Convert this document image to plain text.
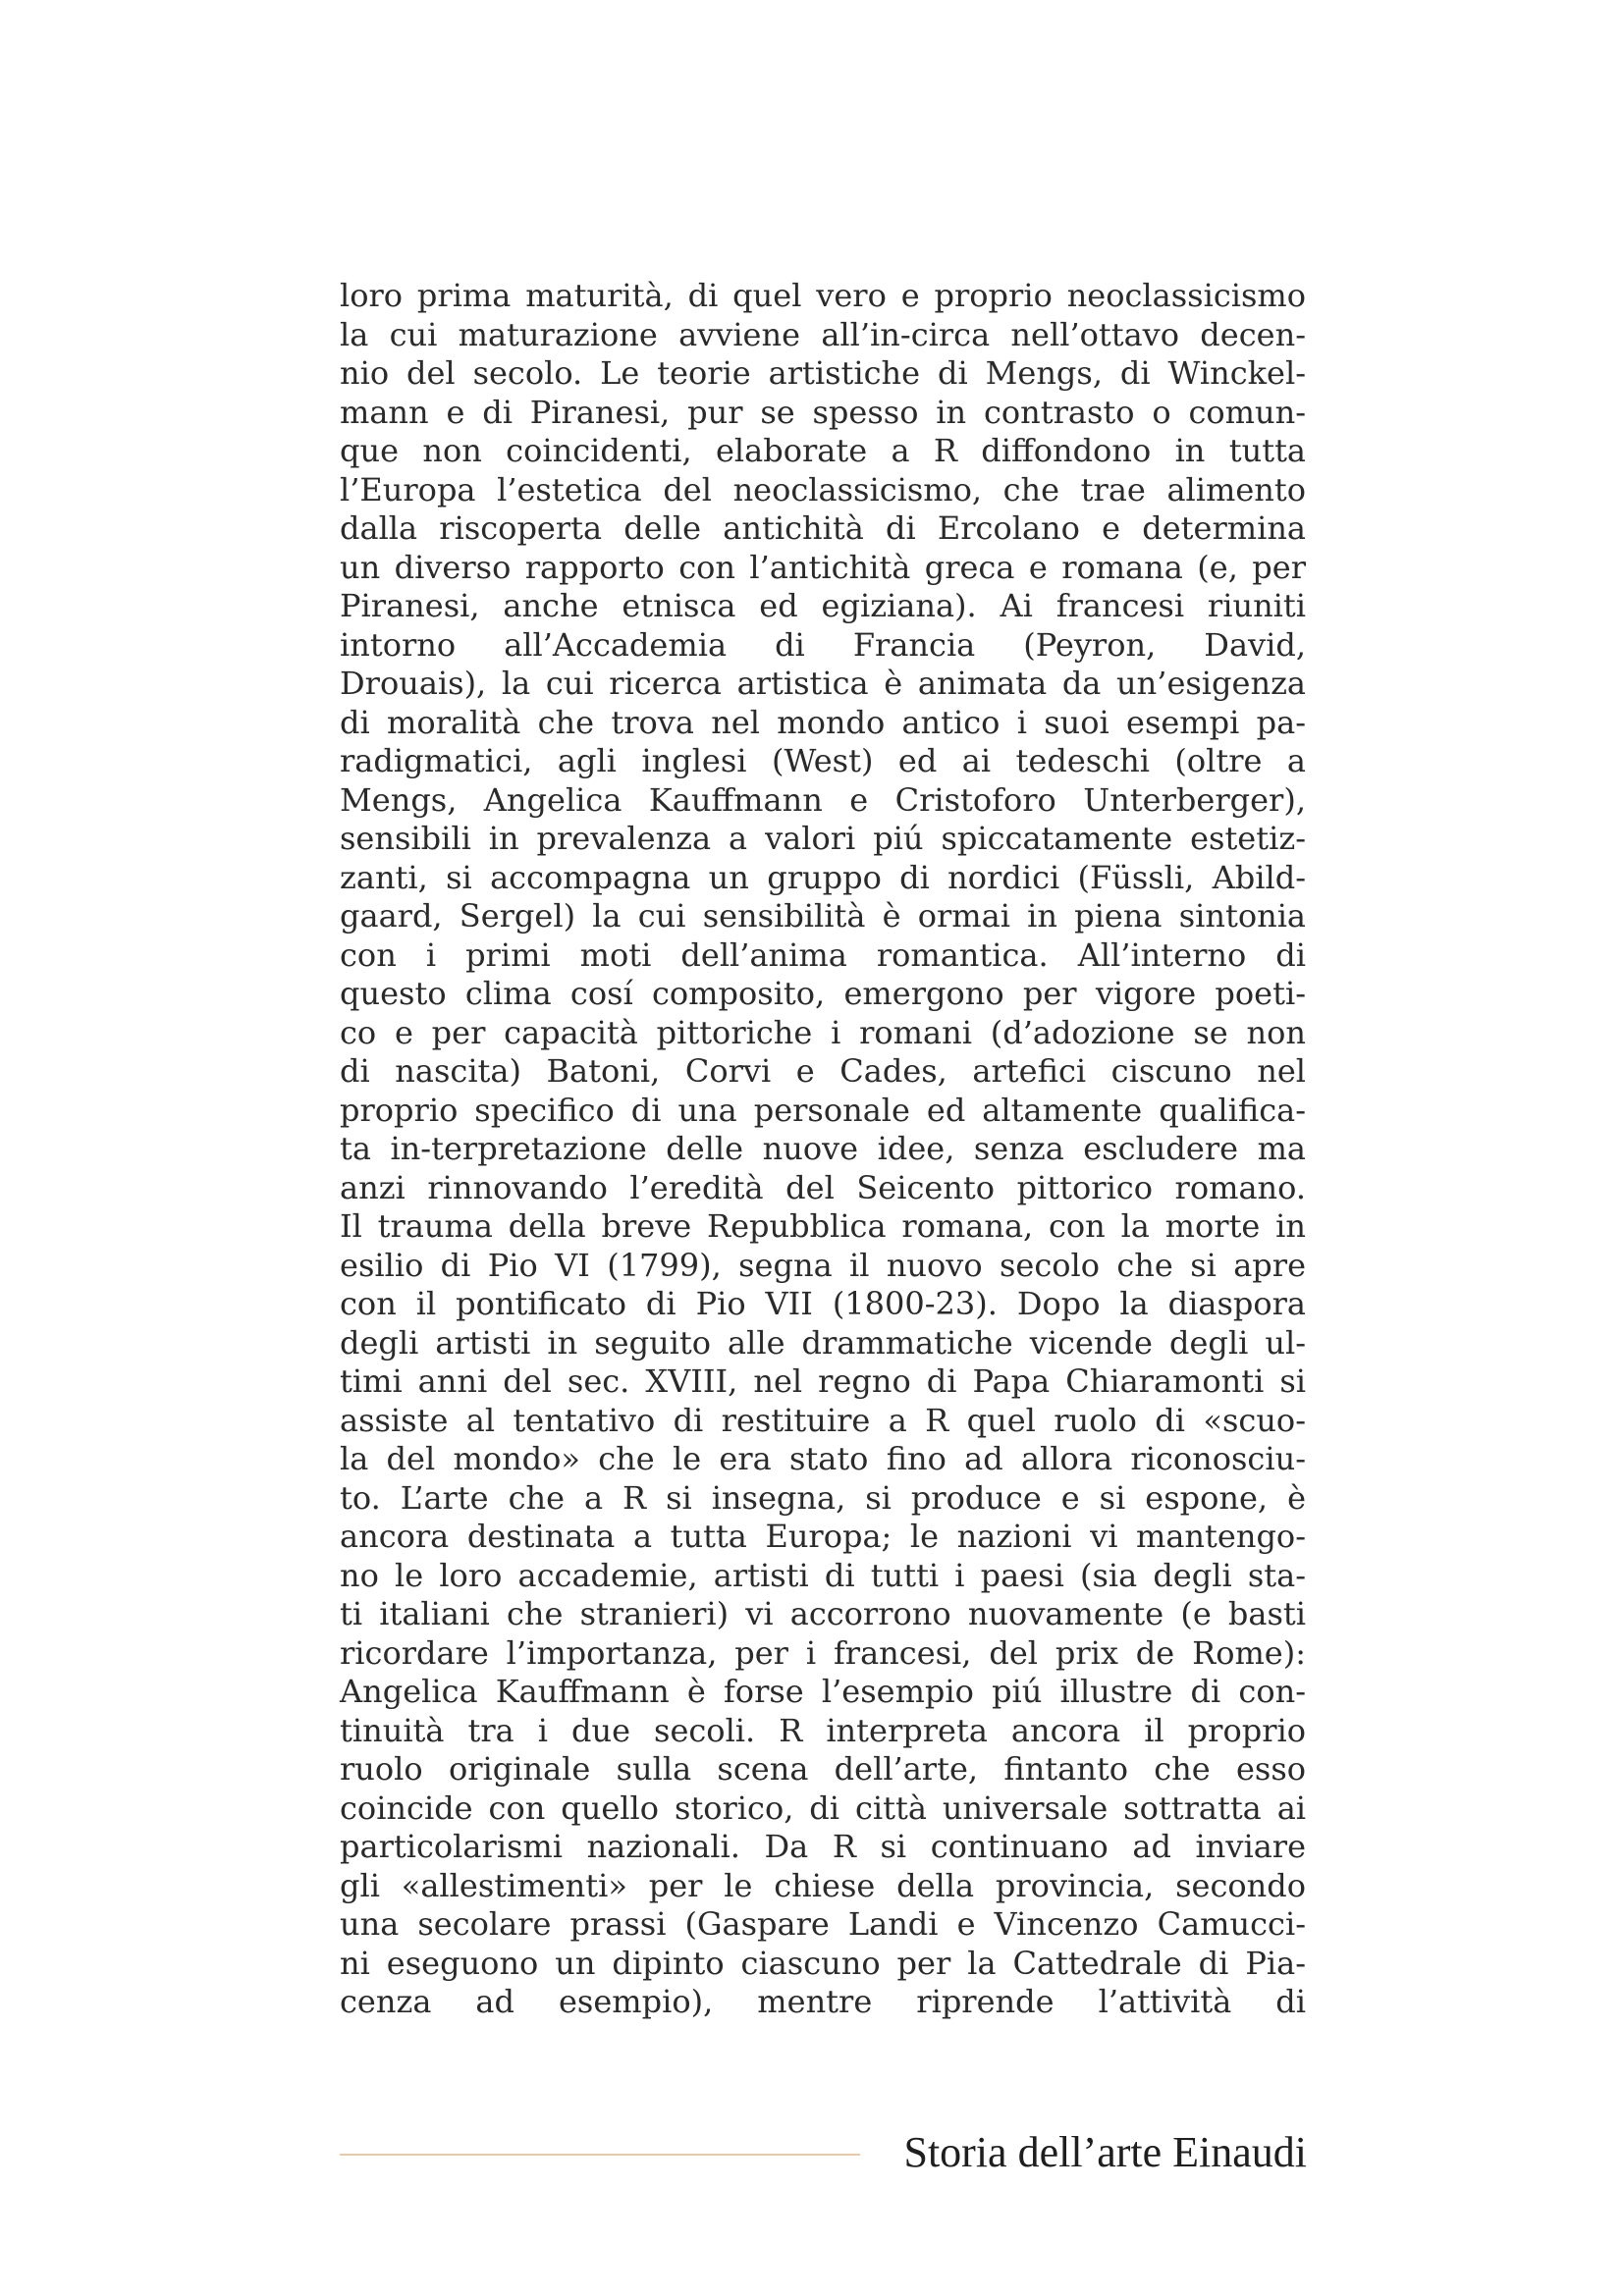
loro prima maturità, di quel vero e proprio neoclassicismo
la cui maturazione avviene all’in-circa nell’ottavo decen-
nio del secolo. Le teorie artistiche di Mengs, di Winckel-
mann e di Piranesi, pur se spesso in contrasto o comun-
que non coincidenti, elaborate a R diffondono in tutta
l’Europa l’estetica del neoclassicismo, che trae alimento
dalla riscoperta delle antichità di Ercolano e determina
un diverso rapporto con l’antichità greca e romana (e, per
Piranesi, anche etnisca ed egiziana). Ai francesi riuniti
intorno all’Accademia di Francia (Peyron, David,
Drouais), la cui ricerca artistica è animata da un’esigenza
di moralità che trova nel mondo antico i suoi esempi pa-
radigmatici, agli inglesi (West) ed ai tedeschi (oltre a
Mengs, Angelica Kauffmann e Cristoforo Unterberger),
sensibili in prevalenza a valori piú spiccatamente estetiz-
zanti, si accompagna un gruppo di nordici (Füssli, Abild-
gaard, Sergel) la cui sensibilità è ormai in piena sintonia
con i primi moti dell’anima romantica. All’interno di
questo clima cosí composito, emergono per vigore poeti-
co e per capacità pittoriche i romani (d’adozione se non
di nascita) Batoni, Corvi e Cades, artefici ciscuno nel
proprio specifico di una personale ed altamente qualifica-
ta in-terpretazione delle nuove idee, senza escludere ma
anzi rinnovando l’eredità del Seicento pittorico romano.
Il trauma della breve Repubblica romana, con la morte in
esilio di Pio VI (1799), segna il nuovo secolo che si apre
con il pontificato di Pio VII (1800-23). Dopo la diaspora
degli artisti in seguito alle drammatiche vicende degli ul-
timi anni del sec. XVIII, nel regno di Papa Chiaramonti si
assiste al tentativo di restituire a R quel ruolo di «scuo-
la del mondo» che le era stato fino ad allora riconosciu-
to. L’arte che a R si insegna, si produce e si espone, è
ancora destinata a tutta Europa; le nazioni vi mantengo-
no le loro accademie, artisti di tutti i paesi (sia degli sta-
ti italiani che stranieri) vi accorrono nuovamente (e basti
ricordare l’importanza, per i francesi, del prix de Rome):
Angelica Kauffmann è forse l’esempio piú illustre di con-
tinuità tra i due secoli. R interpreta ancora il proprio
ruolo originale sulla scena dell’arte, fintanto che esso
coincide con quello storico, di città universale sottratta ai
particolarismi nazionali. Da R si continuano ad inviare
gli «allestimenti» per le chiese della provincia, secondo
una secolare prassi (Gaspare Landi e Vincenzo Camucci-
ni eseguono un dipinto ciascuno per la Cattedrale di Pia-
cenza ad esempio), mentre riprende l’attività di

Storia dell’arte Einaudi
